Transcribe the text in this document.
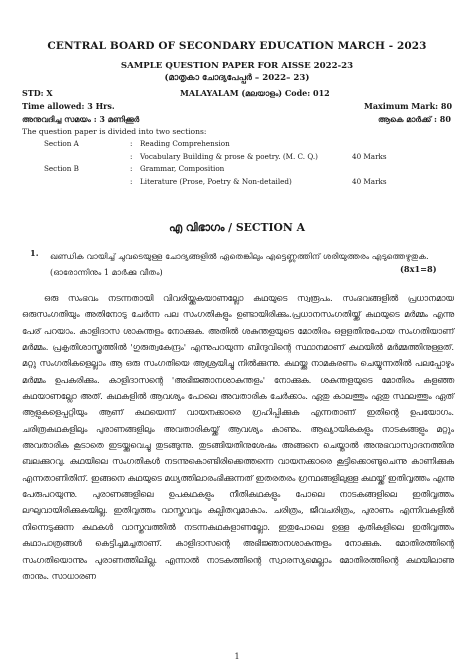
CENTRAL BOARD OF SECONDARY EDUCATION MARCH - 2023
SAMPLE QUESTION PAPER FOR AISSE 2022-23
(മാതൃകാ ചോദ്യപേപ്പർ – 2022– 23)
STD: X	MALAYALAM (മലയാളം) Code: 012
Time allowed: 3 Hrs.	Maximum Mark: 80
അനുവദിച്ച സമയം : 3 മണിക്കൂർ	ആകെ മാർക്ക് : 80
The question paper is divided into two sections:
Section A	: Reading Comprehension
: Vocabulary Building & prose & poetry. (M. C. Q.)	40 Marks
Section B	: Grammar, Composition
: Literature (Prose, Poetry & Non-detailed)	40 Marks
എ വിഭാഗം / SECTION A
1. ഖണ്ഡിക വായിച്ച് ചുവടെയുള്ള ചോദ്യങ്ങളിൽ ഏതെങ്കിലും എട്ടെണ്ണത്തിന് ശരിയുത്തരം എടുത്തെഴുതുക. (ഓരോന്നിനും 1 മാർക്കു വീതം)	(8x1=8)

ഒരു സംഭവം നടന്നതായി വിവരിയ്ക്കുകയാണല്ലോ കഥയുടെ സ്വരൂപം. സംഭവങ്ങളിൽ പ്രധാനമായ ഒരുസംഗതിയും അതിനോടു ചേർന്ന പല സംഗതികളും ഉണ്ടായിരിക്കും.പ്രധാനസംഗതിയ്ക്ക് കഥയുടെ മർമ്മം എന്നു പേര് പറയാം. കാളിദാസ ശാകുന്തളം നോക്കുക. അതിൽ ശകുന്തളയുടെ മോതിരം ഒളളതിനുപോയ സംഗതിയാണ് മർമ്മം. പ്രകൃതിശാസ്ത്രത്തിൽ 'ഗുരുത്വകേന്ദ്രം' എന്നുപറയുന്ന ബിന്ദുവിന്റെ സ്ഥാനമാണ് കഥയിൽ മർമ്മത്തിനുള്ളത്. മറ്റു സംഗതികളെല്ലാം ആ ഒരു സംഗതിയെ ആശ്രയിച്ചു നിൽക്കുന്നു. കഥയ്ക്കു നാമകരണം ചെയ്യുന്നതിൽ പലപ്പോഴും മർമ്മം ഉപകരിക്കും. കാളിദാസന്റെ 'അഭിജ്ഞാനശാകുന്തളം' നോക്കുക. ശകുന്തളയുടെ മോതിരം കളഞ്ഞ കഥയാണല്ലോ അത്. കഥകളിൽ ആവശ്യം പോലെ അവതാരിക ചേർക്കാം. ഏതു കാലത്തും ഏതു സ്ഥലത്തും ഏത് ആളുകളെപ്പറ്റിയും ആണ് കഥയെന്ന് വായനക്കാരെ ഗ്രഹിപ്പിക്കുക എന്നതാണ് ഇതിന്റെ ഉപയോഗം. ചരിത്രകഥകളിലും പുരാണങ്ങളിലും അവതാരികയ്ക്ക് ആവശ്യം കാണും. ആഖ്യായികകളും നാടകങ്ങളും മറ്റും അവതാരിക കൂടാതെ ഇടയ്ക്കുവെച്ചു തുടങ്ങുന്നു. തുടങ്ങിയതിനുശേഷം അങ്ങനെ ചെയ്താൽ അനുഭവാസ്വാദനത്തിനു ബലക്കുറവു. കഥയിലെ സംഗതികൾ നടന്നുകൊണ്ടിരിക്കെത്തന്നെ വായനക്കാരെ കൂട്ടിക്കൊണ്ടുചെന്നു കാണിക്കുക എന്നതാണിതിന്. ഇങ്ങനെ കഥയുടെ മധ്യത്തിലാരംഭിക്കുന്നത് ഇതരതരം ഗ്രന്ഥങ്ങളിലുള്ള കഥയ്ക്ക് ഇതിവൃത്തം എന്നു പേരുപറയുന്നു. പുരാണങ്ങളിലെ ഉപകഥകളും നീതികഥകളും പോലെ നാടകങ്ങളിലെ ഇതിവൃത്തം ലഘുവായിരിക്കുകയില്ല. ഇതിവൃത്തം വാസ്തവവും കല്പിതവുമാകാം. ചരിത്രം, ജീവചരിത്രം, പുരാണം എന്നിവകളിൽ നിന്നെടുക്കുന്ന കഥകൾ വാസ്തവത്തിൽ നടന്നകഥകളാണല്ലോ. ഇതുപോലെ ഉള്ള കൃതികളിലെ ഇതിവൃത്തം കഥാപാത്രങ്ങൾ കെട്ടിച്ചമച്ചതാണ്. കാളിദാസന്റെ അഭിജ്ഞാനശാകുന്തളം നോക്കുക. മോതിരത്തിന്റെ സംഗതിയൊന്നും പുരാണത്തിലില്ല. എന്നാൽ നാടകത്തിന്റെ സ്വാരസ്യമെല്ലാം മോതിരത്തിന്റെ കഥയിലാണു താനും. സാധാരണ

1
